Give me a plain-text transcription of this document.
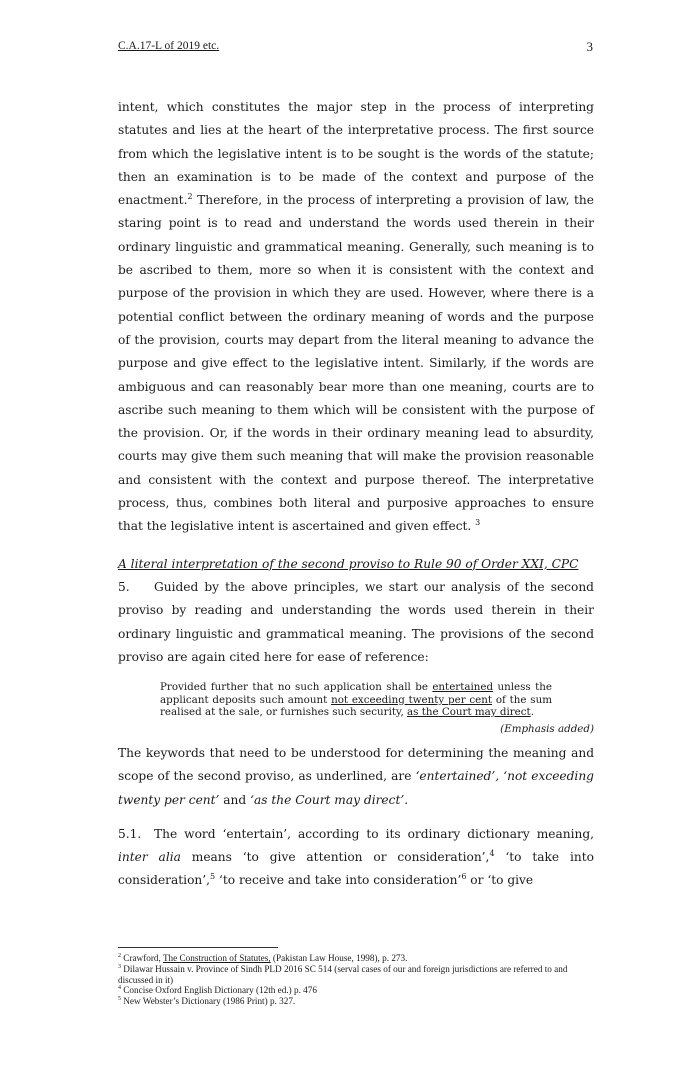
C.A.17-L of 2019 etc.	3

intent, which constitutes the major step in the process of interpreting statutes and lies at the heart of the interpretative process. The first source from which the legislative intent is to be sought is the words of the statute; then an examination is to be made of the context and purpose of the enactment.$^2$ Therefore, in the process of interpreting a provision of law, the staring point is to read and understand the words used therein in their ordinary linguistic and grammatical meaning. Generally, such meaning is to be ascribed to them, more so when it is consistent with the context and purpose of the provision in which they are used. However, where there is a potential conflict between the ordinary meaning of words and the purpose of the provision, courts may depart from the literal meaning to advance the purpose and give effect to the legislative intent. Similarly, if the words are ambiguous and can reasonably bear more than one meaning, courts are to ascribe such meaning to them which will be consistent with the purpose of the provision. Or, if the words in their ordinary meaning lead to absurdity, courts may give them such meaning that will make the provision reasonable and consistent with the context and purpose thereof. The interpretative process, thus, combines both literal and purposive approaches to ensure that the legislative intent is ascertained and given effect. $^3$

A literal interpretation of the second proviso to Rule 90 of Order XXI, CPC

5. Guided by the above principles, we start our analysis of the second proviso by reading and understanding the words used therein in their ordinary linguistic and grammatical meaning. The provisions of the second proviso are again cited here for ease of reference:

Provided further that no such application shall be entertained unless the applicant deposits such amount not exceeding twenty per cent of the sum realised at the sale, or furnishes such security, as the Court may direct.

(Emphasis added)

The keywords that need to be understood for determining the meaning and scope of the second proviso, as underlined, are ‘entertained’, ‘not exceeding twenty per cent’ and ‘as the Court may direct’.

5.1. The word ‘entertain’, according to its ordinary dictionary meaning, inter alia means ‘to give attention or consideration’,$^4$ ‘to take into consideration’,$^5$ ‘to receive and take into consideration’$^6$ or ‘to give

$^2$ Crawford, The Construction of Statutes, (Pakistan Law House, 1998), p. 273.

$^3$ Dilawar Hussain v. Province of Sindh PLD 2016 SC 514 (serval cases of our and foreign jurisdictions are referred to and discussed in it)

$^4$ Concise Oxford English Dictionary (12th ed.) p. 476

$^5$ New Webster’s Dictionary (1986 Print) p. 327.
